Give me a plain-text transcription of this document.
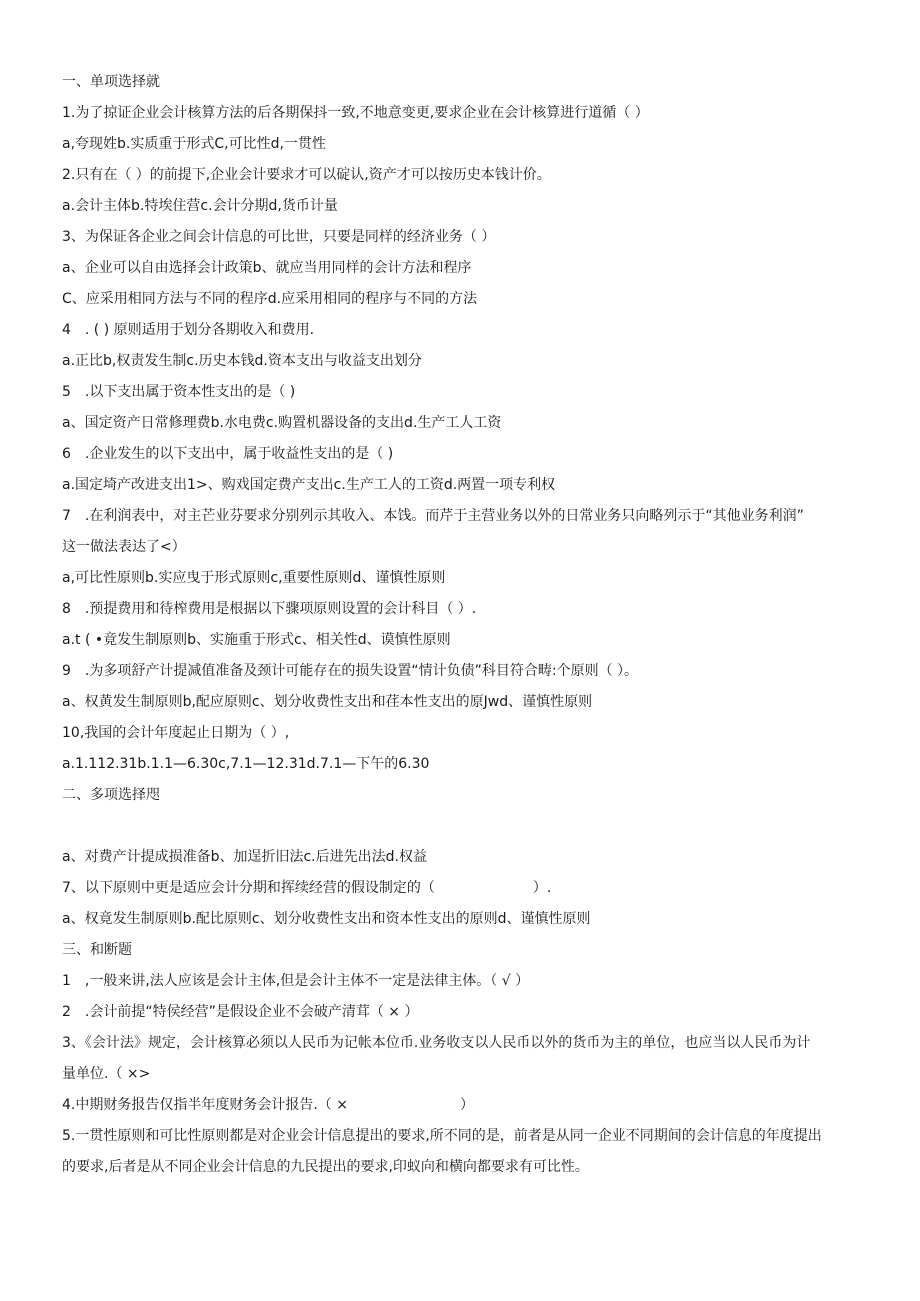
一、单项选择就
1.为了掠证企业会计核算方法的后各期保抖一致,不地意变更,要求企业在会计核算进行道循（ ）
a,夸现姓b.实质重于形式C,可比性d,一贯性
2.只有在（ ）的前提下,企业会计要求才可以碇认,资产才可以按历史本钱计价。
a.会计主体b.特埃住营c.会计分期d,货币计量
3、为保证各企业之间会计信息的可比世，只要是同样的经济业务（ ）
a、企业可以自由选择会计政策b、就应当用同样的会计方法和程序
C、应采用相同方法与不同的程序d.应采用相同的程序与不同的方法
4　. ( ) 原则适用于划分各期收入和费用.
a.正比b,权责发生制c.历史本钱d.资本支出与收益支出划分
5　.以下支出属于资本性支出的是（ )
a、国定资产日常修理费b.水电费c.购置机器设备的支出d.生产工人工资
6　.企业发生的以下支出中，属于收益性支出的是（ )
a.国定埼产改进支出1>、购戏国定费产支出c.生产工人的工资d.两置一项专利权
7　.在利润表中，对主芒业芬要求分别列示其收入、本饯。而芹于主营业务以外的日常业务只向略列示于“其他业务利润”
这一做法表达了<）
a,可比性原则b.实应曳于形式原则c,重要性原则d、谨慎性原则
8　.预提费用和待榨费用是根据以下骤项原则设置的会计科目（ ）.
a.t ( •竟发生制原则b、实施重于形式c、相关性d、谟慎性原则
9　.为多项舒产计提减值准备及颈计可能存在的损失设置“情计负债”科目符合畴:个原则（ ）。
a、权黄发生制原则b,配应原则c、划分收费性支出和荏本性支出的原Jwd、谨慎性原则
10,我国的会计年度起止日期为（ ）,
a.1.112.31b.1.1—6.30c,7.1—12.31d.7.1—下午的6.30
二、多项选择咫
a、对费产计提成损准备b、加逞折旧法c.后进先出法d.权益
7、以下原则中更是适应会计分期和挥续经营的假设制定的（　　　　　　　）.
a、权竟发生制原则b.配比原则c、划分收费性支出和资本性支出的原则d、谨慎性原则
三、和断题
1　,一般来讲,法人应该是会计主体,但是会计主体不一定是法律主体。（ √ ）
2　.会计前提“特侯经营”是假设企业不会破产清茸（ × ）
3、《会计法》规定，会计核算必须以人民币为记帐本位币.业务收支以人民币以外的货币为主的单位，也应当以人民币为计
量单位.（ ×>
4.中期财务报告仅指半年度财务会计报告.（ ×　　　　　　　　）
5.一贯性原则和可比性原则都是对企业会计信息提出的要求,所不同的是，前者是从同一企业不同期间的会计信息的年度提出
的要求,后者是从不同企业会计信息的九民提出的要求,印蚁向和横向都要求有可比性。
